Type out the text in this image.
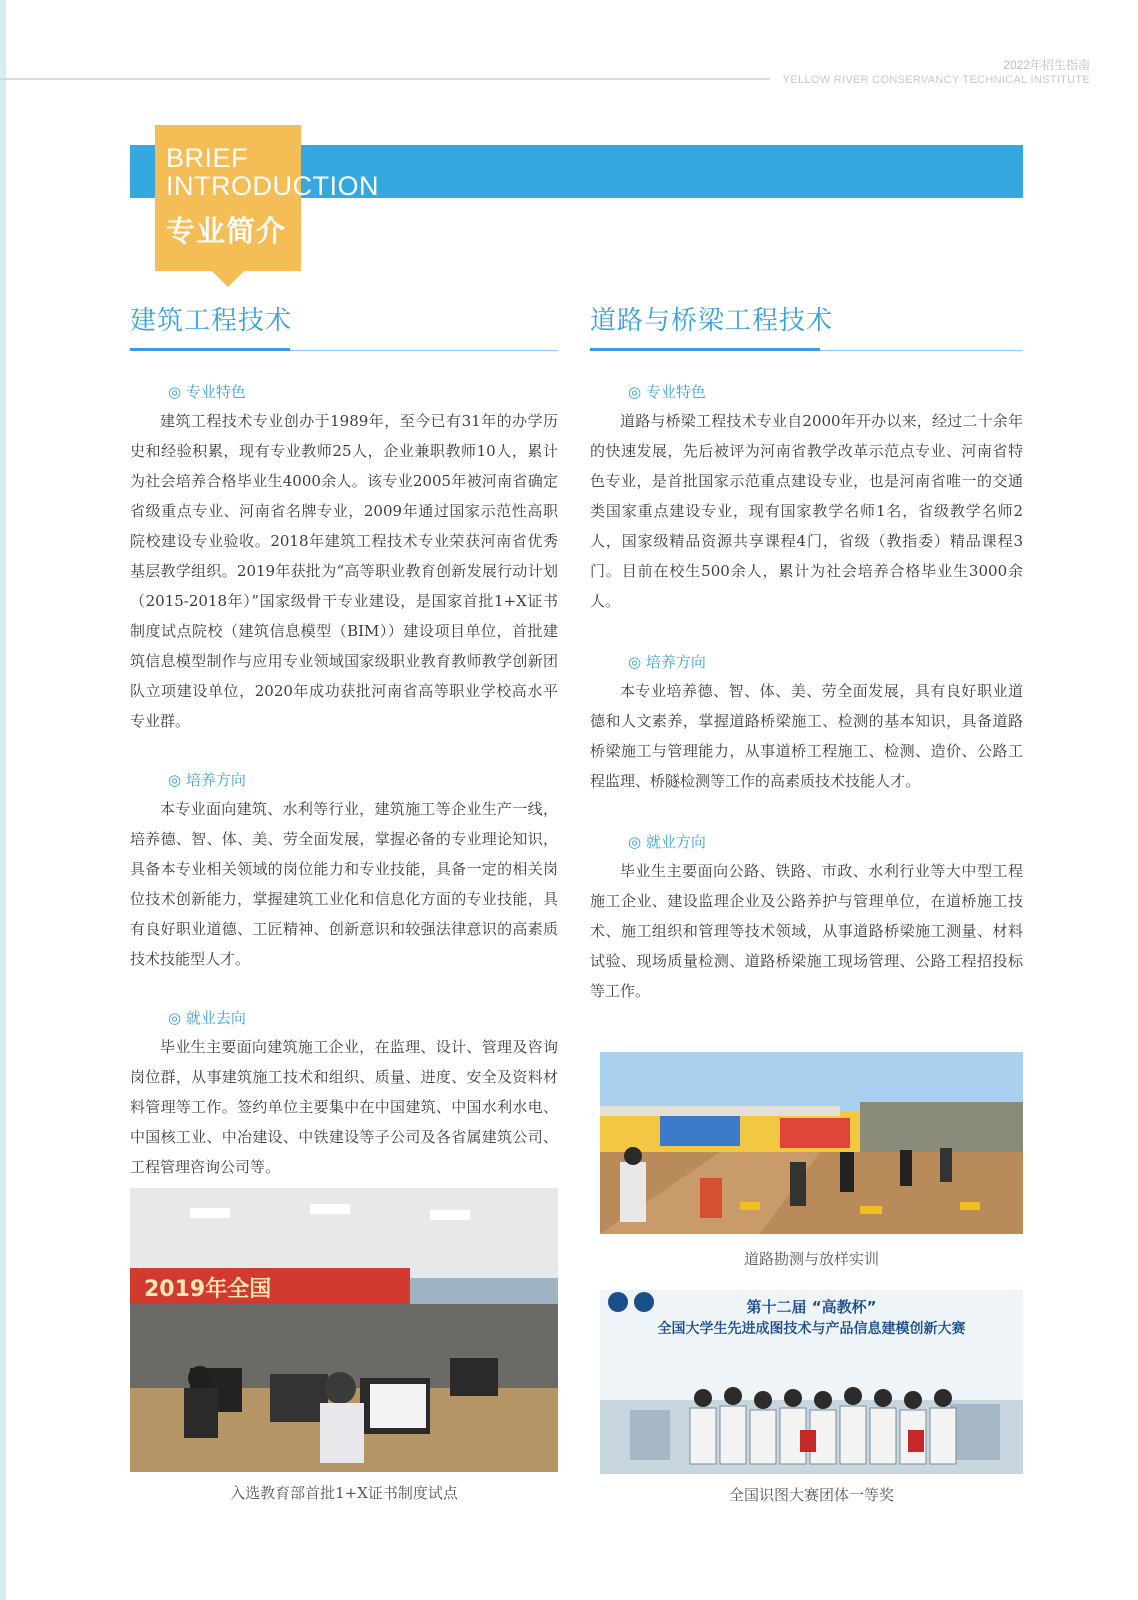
2022年招生指南
YELLOW RIVER CONSERVANCY TECHNICAL INSTITUTE
BRIEF
INTRODUCTION
专业简介
建筑工程技术
◎ 专业特色

建筑工程技术专业创办于1989年，至今已有31年的办学历史和经验积累，现有专业教师25人，企业兼职教师10人，累计为社会培养合格毕业生4000余人。该专业2005年被河南省确定省级重点专业、河南省名牌专业，2009年通过国家示范性高职院校建设专业验收。2018年建筑工程技术专业荣获河南省优秀基层教学组织。2019年获批为“高等职业教育创新发展行动计划（2015-2018年）”国家级骨干专业建设，是国家首批1+X证书制度试点院校（建筑信息模型（BIM））建设项目单位，首批建筑信息模型制作与应用专业领域国家级职业教育教师教学创新团队立项建设单位，2020年成功获批河南省高等职业学校高水平专业群。

◎ 培养方向

本专业面向建筑、水利等行业，建筑施工等企业生产一线，培养德、智、体、美、劳全面发展，掌握必备的专业理论知识，具备本专业相关领域的岗位能力和专业技能，具备一定的相关岗位技术创新能力，掌握建筑工业化和信息化方面的专业技能，具有良好职业道德、工匠精神、创新意识和较强法律意识的高素质技术技能型人才。

◎ 就业去向

毕业生主要面向建筑施工企业，在监理、设计、管理及咨询岗位群，从事建筑施工技术和组织、质量、进度、安全及资料材料管理等工作。签约单位主要集中在中国建筑、中国水利水电、中国核工业、中冶建设、中铁建设等子公司及各省属建筑公司、工程管理咨询公司等。

2019年全国
入选教育部首批1+X证书制度试点
道路与桥梁工程技术
◎ 专业特色

道路与桥梁工程技术专业自2000年开办以来，经过二十余年的快速发展，先后被评为河南省教学改革示范点专业、河南省特色专业，是首批国家示范重点建设专业，也是河南省唯一的交通类国家重点建设专业，现有国家教学名师1名，省级教学名师2人，国家级精品资源共享课程4门，省级（教指委）精品课程3门。目前在校生500余人，累计为社会培养合格毕业生3000余人。

◎ 培养方向

本专业培养德、智、体、美、劳全面发展，具有良好职业道德和人文素养，掌握道路桥梁施工、检测的基本知识，具备道路桥梁施工与管理能力，从事道桥工程施工、检测、造价、公路工程监理、桥隧检测等工作的高素质技术技能人才。

◎ 就业方向

毕业生主要面向公路、铁路、市政、水利行业等大中型工程施工企业、建设监理企业及公路养护与管理单位，在道桥施工技术、施工组织和管理等技术领域，从事道路桥梁施工测量、材料试验、现场质量检测、道路桥梁施工现场管理、公路工程招投标等工作。

道路勘测与放样实训
第十二届 “高教杯”
全国大学生先进成图技术与产品信息建模创新大赛
全国识图大赛团体一等奖
